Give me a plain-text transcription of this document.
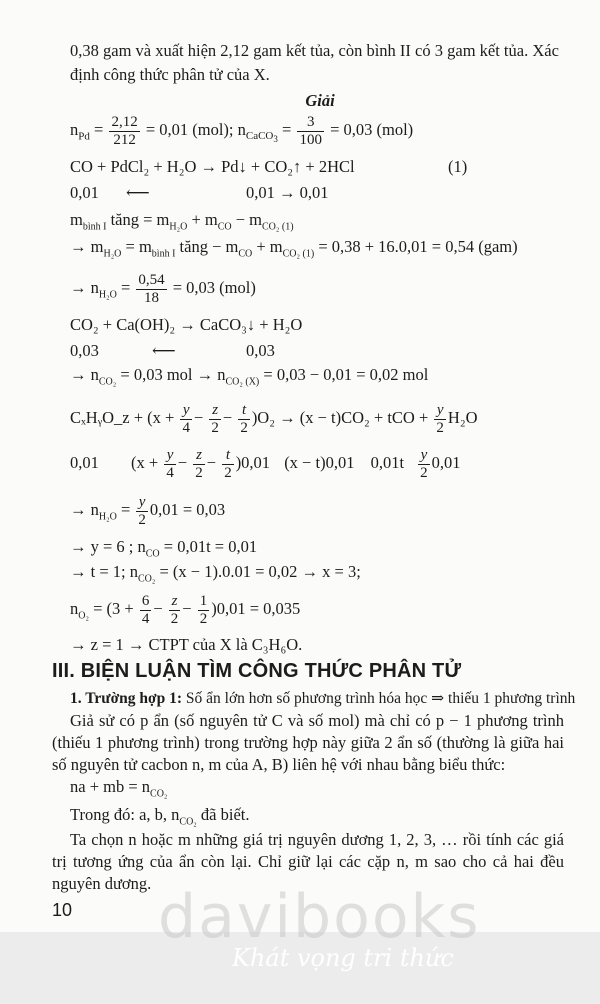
0,38 gam và xuất hiện 2,12 gam kết tủa, còn bình II có 3 gam kết tủa. Xác
định công thức phân tử của X.
Giải
$n_{Pd} = \frac{2,12}{212} = 0,01$ (mol); $n_{CaCO_3} = \frac{3}{100} = 0,03$ (mol)
CO + PdCl₂ + H₂O → Pd↓ + CO₂↑ + 2HCl	(1)
0,01 ⟵	0,01 → 0,01
$m_{bình I}$ tăng = $m_{H_2O} + m_{CO} - m_{CO_2 (1)}$
→ $m_{H_2O} = m_{bình I}$ tăng − $m_{CO} + m_{CO_2 (1)} = 0,38 + 16.0,01 = 0,54$ (gam)
→ $n_{H_2O} = \frac{0,54}{18} = 0,03$ (mol)
CO₂ + Ca(OH)₂ → CaCO₃↓ + H₂O
0,03	⟵	0,03
→ $n_{CO_2} = 0,03$ mol → $n_{CO_2 (X)} = 0,03 - 0,01 = 0,02$ mol
CₓHᵧO_z + $(x + \frac{y}{4} - \frac{z}{2} - \frac{t}{2} )O_2 \to (x - t)CO_2$ + tCO + $\frac{y}{2} H_2O$
0,01 $(x + \frac{y}{4} - \frac{z}{2} - \frac{t}{2} )0,01$ (x − t)0,01 $0,01t \frac{y}{2} 0,01$
→ $n_{H_2O} = \frac{y}{2} 0,01 = 0,03$
→ y = 6 ; $n_{CO} = 0,01t = 0,01$
→ t = 1; $n_{CO_2} = (x - 1).0.01 = 0,02 \to x = 3$;
$n_{O_2} = (3 + \frac{6}{4} - \frac{z}{2} - \frac{1}{2} )0,01 = 0,035$
→ z = 1 → CTPT của X là C₃H₆O.
III. BIỆN LUẬN TÌM CÔNG THỨC PHÂN TỬ
1. Trường hợp 1: Số ẩn lớn hơn số phương trình hóa học ⇒ thiếu 1 phương trình
Giả sử có p ẩn (số nguyên tử C và số mol) mà chỉ có p − 1 phương trình (thiếu 1 phương trình) trong trường hợp này giữa 2 ẩn số (thường là giữa hai số nguyên tử cacbon n, m của A, B) liên hệ với nhau bằng biểu thức:
na + mb = $n_{CO_2}$
Trong đó: a, b, $n_{CO_2}$ đã biết.
Ta chọn n hoặc m những giá trị nguyên dương 1, 2, 3, … rồi tính các giá trị tương ứng của ẩn còn lại. Chỉ giữ lại các cặp n, m sao cho cả hai đều nguyên dương.
10 davibooks
Khát vọng tri thức
